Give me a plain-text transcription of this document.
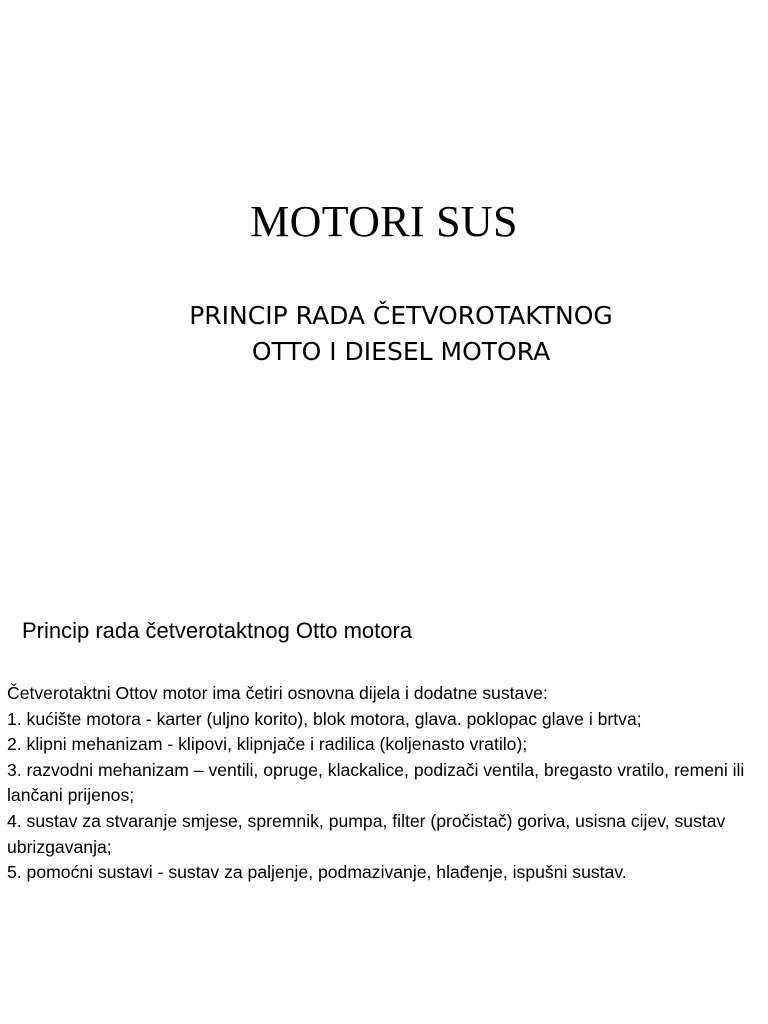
MOTORI SUS
PRINCIP RADA ČETVOROTAKTNOG
OTTO I DIESEL MOTORA
Princip rada četverotaktnog Otto motora

Četverotaktni Ottov motor ima četiri osnovna dijela i dodatne sustave:

1. kućište motora - karter (uljno korito), blok motora, glava. poklopac glave i brtva;

2. klipni mehanizam - klipovi, klipnjače i radilica (koljenasto vratilo);

3. razvodni mehanizam – ventili, opruge, klackalice, podizači ventila, bregasto vratilo, remeni ili lančani prijenos;

4. sustav za stvaranje smjese, spremnik, pumpa, filter (pročistač) goriva, usisna cijev, sustav ubrizgavanja;

5. pomoćni sustavi - sustav za paljenje, podmazivanje, hlađenje, ispušni sustav.
